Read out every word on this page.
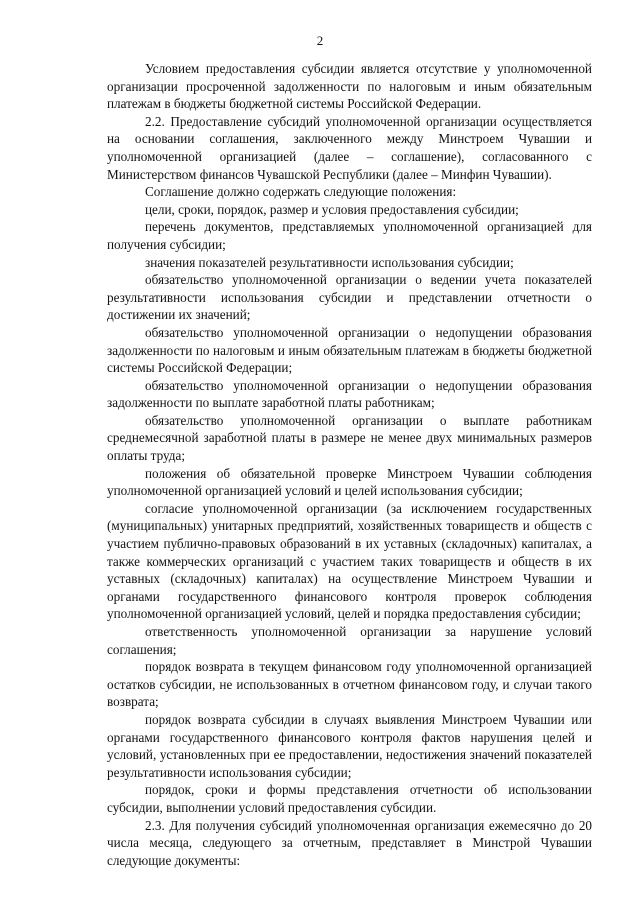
2

Условием предоставления субсидии является отсутствие у уполномоченной организации просроченной задолженности по налоговым и иным обязательным платежам в бюджеты бюджетной системы Российской Федерации.

2.2. Предоставление субсидий уполномоченной организации осуществляется на основании соглашения, заключенного между Минстроем Чувашии и уполномоченной организацией (далее – соглашение), согласованного с Министерством финансов Чувашской Республики (далее – Минфин Чувашии).

Соглашение должно содержать следующие положения:

цели, сроки, порядок, размер и условия предоставления субсидии;

перечень документов, представляемых уполномоченной организацией для получения субсидии;

значения показателей результативности использования субсидии;

обязательство уполномоченной организации о ведении учета показателей результативности использования субсидии и представлении отчетности о достижении их значений;

обязательство уполномоченной организации о недопущении образования задолженности по налоговым и иным обязательным платежам в бюджеты бюджетной системы Российской Федерации;

обязательство уполномоченной организации о недопущении образования задолженности по выплате заработной платы работникам;

обязательство уполномоченной организации о выплате работникам среднемесячной заработной платы в размере не менее двух минимальных размеров оплаты труда;

положения об обязательной проверке Минстроем Чувашии соблюдения уполномоченной организацией условий и целей использования субсидии;

согласие уполномоченной организации (за исключением государственных (муниципальных) унитарных предприятий, хозяйственных товариществ и обществ с участием публично-правовых образований в их уставных (складочных) капиталах, а также коммерческих организаций с участием таких товариществ и обществ в их уставных (складочных) капиталах) на осуществление Минстроем Чувашии и органами государственного финансового контроля проверок соблюдения уполномоченной организацией условий, целей и порядка предоставления субсидии;

ответственность уполномоченной организации за нарушение условий соглашения;

порядок возврата в текущем финансовом году уполномоченной организацией остатков субсидии, не использованных в отчетном финансовом году, и случаи такого возврата;

порядок возврата субсидии в случаях выявления Минстроем Чувашии или органами государственного финансового контроля фактов нарушения целей и условий, установленных при ее предоставлении, недостижения значений показателей результативности использования субсидии;

порядок, сроки и формы представления отчетности об использовании субсидии, выполнении условий предоставления субсидии.

2.3. Для получения субсидий уполномоченная организация ежемесячно до 20 числа месяца, следующего за отчетным, представляет в Минстрой Чувашии следующие документы:
